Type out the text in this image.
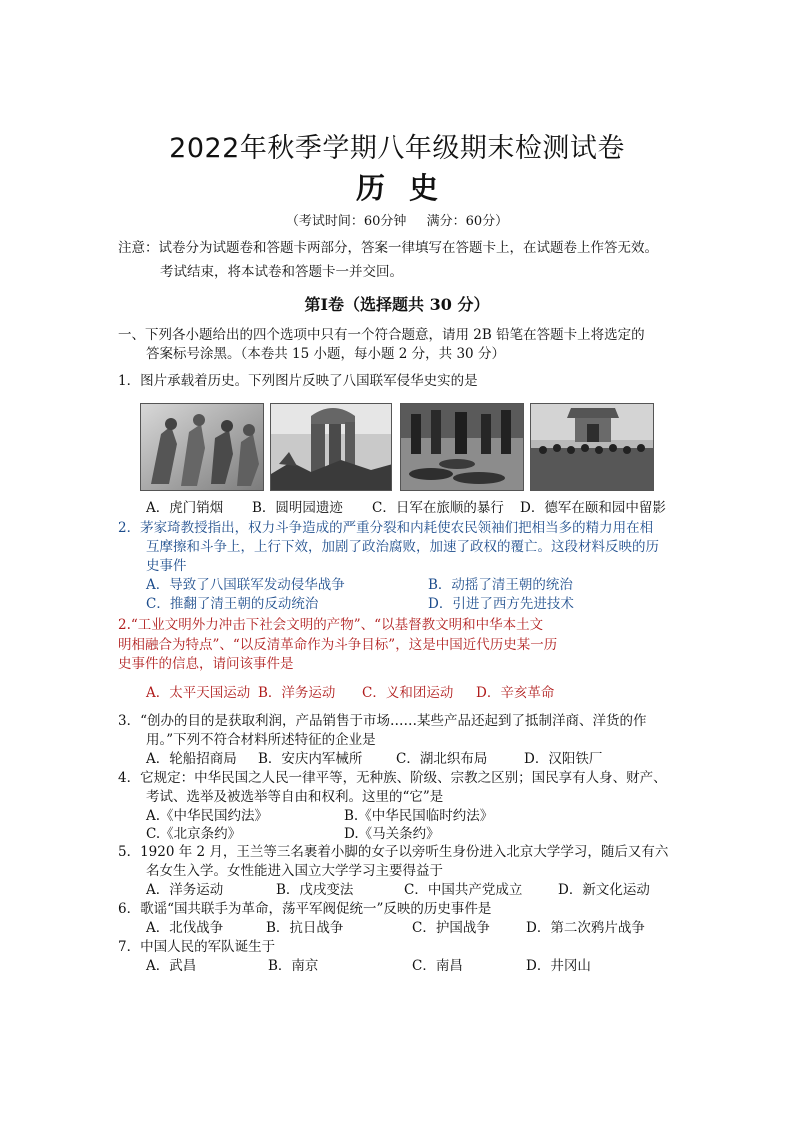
2022年秋季学期八年级期末检测试卷
历史
（考试时间：60分钟 满分：60分）
注意：试卷分为试题卷和答题卡两部分，答案一律填写在答题卡上，在试题卷上作答无效。
考试结束，将本试卷和答题卡一并交回。
第Ⅰ卷（选择题共 30 分）
一、下列各小题给出的四个选项中只有一个符合题意，请用 2B 铅笔在答题卡上将选定的
答案标号涂黑。（本卷共 15 小题，每小题 2 分，共 30 分）
1．图片承载着历史。下列图片反映了八国联军侵华史实的是
A．虎门销烟 B．圆明园遗迹 C．日军在旅顺的暴行 D．德军在颐和园中留影
2．茅家琦教授指出，权力斗争造成的严重分裂和内耗使农民领袖们把相当多的精力用在相
互摩擦和斗争上，上行下效，加剧了政治腐败，加速了政权的覆亡。这段材料反映的历
史事件
A．导致了八国联军发动侵华战争	B．动摇了清王朝的统治
C．推翻了清王朝的反动统治	D．引进了西方先进技术
2.“工业文明外力冲击下社会文明的产物”、“以基督教文明和中华本土文
明相融合为特点”、“以反清革命作为斗争目标”，这是中国近代历史某一历
史事件的信息，请问该事件是
A．太平天国运动 B．洋务运动 C．义和团运动 D．辛亥革命
3．“创办的目的是获取利润，产品销售于市场……某些产品还起到了抵制洋商、洋货的作
用。”下列不符合材料所述特征的企业是
A．轮船招商局 B．安庆内军械所 C．湖北织布局	D．汉阳铁厂
4．它规定：中华民国之人民一律平等，无种族、阶级、宗教之区别；国民享有人身、财产、
考试、选举及被选举等自由和权利。这里的“它”是
A.《中华民国约法》	B.《中华民国临时约法》
C.《北京条约》	D.《马关条约》
5．1920 年 2 月，王兰等三名裹着小脚的女子以旁听生身份进入北京大学学习，随后又有六
名女生入学。女性能进入国立大学学习主要得益于
A．洋务运动	B．戊戌变法	C．中国共产党成立	D．新文化运动
6．歌谣“国共联手为革命，荡平军阀促统一”反映的历史事件是
A．北伐战争	B．抗日战争	C．护国战争	D．第二次鸦片战争
7．中国人民的军队诞生于
A．武昌	B．南京	C．南昌	D．井冈山
